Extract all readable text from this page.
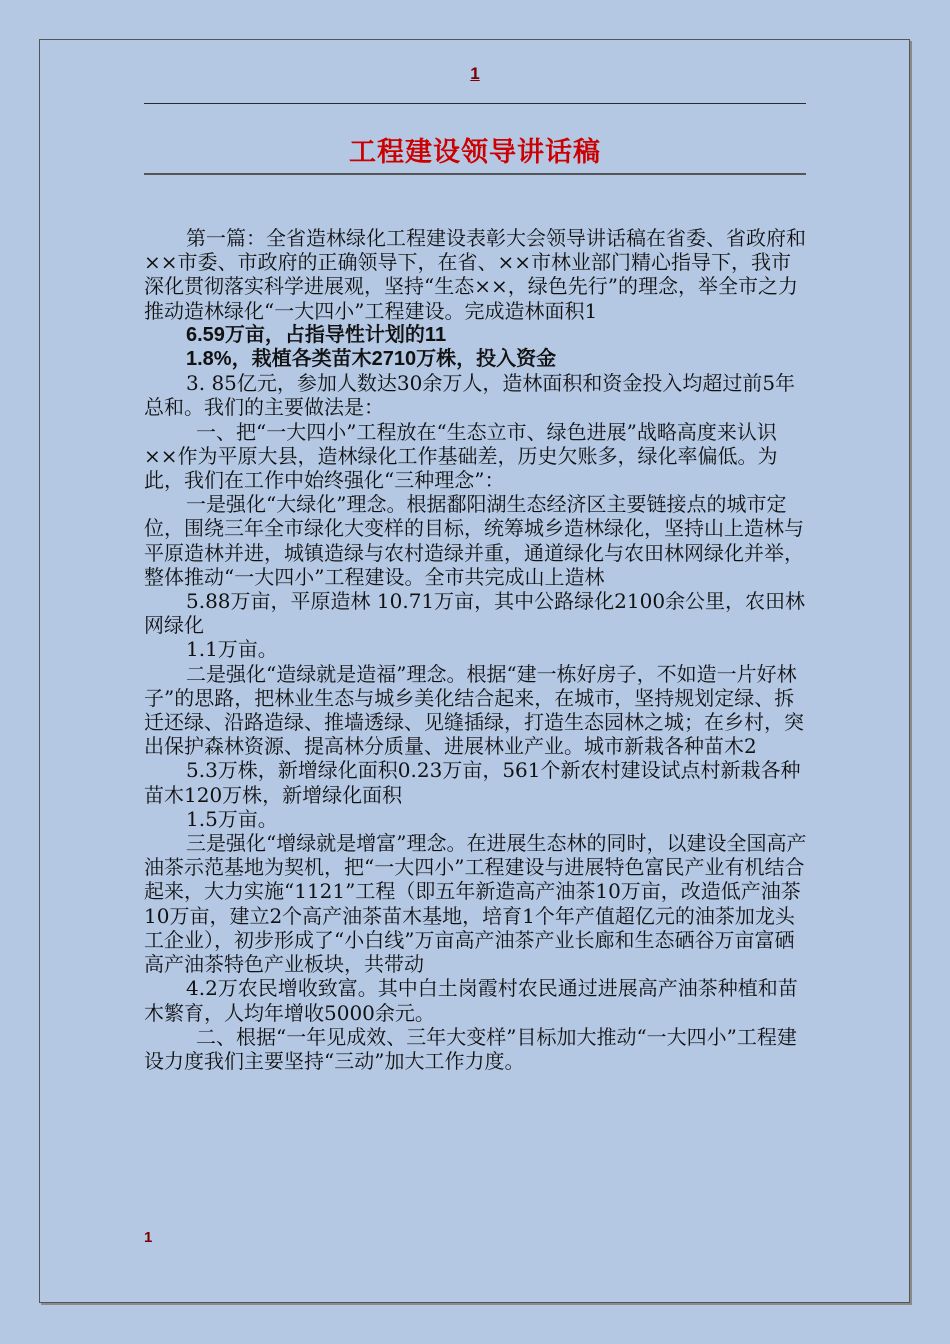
1
工程建设领导讲话稿

第一篇：全省造林绿化工程建设表彰大会领导讲话稿在省委、省政府和××市委、市政府的正确领导下，在省、××市林业部门精心指导下，我市深化贯彻落实科学进展观，坚持“生态××，绿色先行”的理念，举全市之力推动造林绿化“一大四小”工程建设。完成造林面积1

6.59万亩，占指导性计划的11

1.8%，栽植各类苗木2710万株，投入资金

3. 85亿元，参加人数达30余万人，造林面积和资金投入均超过前5年总和。我们的主要做法是：

一、把“一大四小”工程放在“生态立市、绿色进展”战略高度来认识××作为平原大县，造林绿化工作基础差，历史欠账多，绿化率偏低。为此，我们在工作中始终强化“三种理念”：

一是强化“大绿化”理念。根据鄱阳湖生态经济区主要链接点的城市定位，围绕三年全市绿化大变样的目标，统筹城乡造林绿化，坚持山上造林与平原造林并进，城镇造绿与农村造绿并重，通道绿化与农田林网绿化并举，整体推动“一大四小”工程建设。全市共完成山上造林

5.88万亩，平原造林 10.71万亩，其中公路绿化2100余公里，农田林网绿化

1.1万亩。

二是强化“造绿就是造福”理念。根据“建一栋好房子，不如造一片好林子”的思路，把林业生态与城乡美化结合起来，在城市，坚持规划定绿、拆迁还绿、沿路造绿、推墙透绿、见缝插绿，打造生态园林之城；在乡村，突出保护森林资源、提高林分质量、进展林业产业。城市新栽各种苗木2

5.3万株，新增绿化面积0.23万亩，561个新农村建设试点村新栽各种苗木120万株，新增绿化面积

1.5万亩。

三是强化“增绿就是增富”理念。在进展生态林的同时，以建设全国高产油茶示范基地为契机，把“一大四小”工程建设与进展特色富民产业有机结合起来，大力实施“1121”工程（即五年新造高产油茶10万亩，改造低产油茶10万亩，建立2个高产油茶苗木基地，培育1个年产值超亿元的油茶加龙头工企业），初步形成了“小白线”万亩高产油茶产业长廊和生态硒谷万亩富硒高产油茶特色产业板块，共带动

4.2万农民增收致富。其中白土岗霞村农民通过进展高产油茶种植和苗木繁育，人均年增收5000余元。

二、根据“一年见成效、三年大变样”目标加大推动“一大四小”工程建设力度我们主要坚持“三动”加大工作力度。

1
